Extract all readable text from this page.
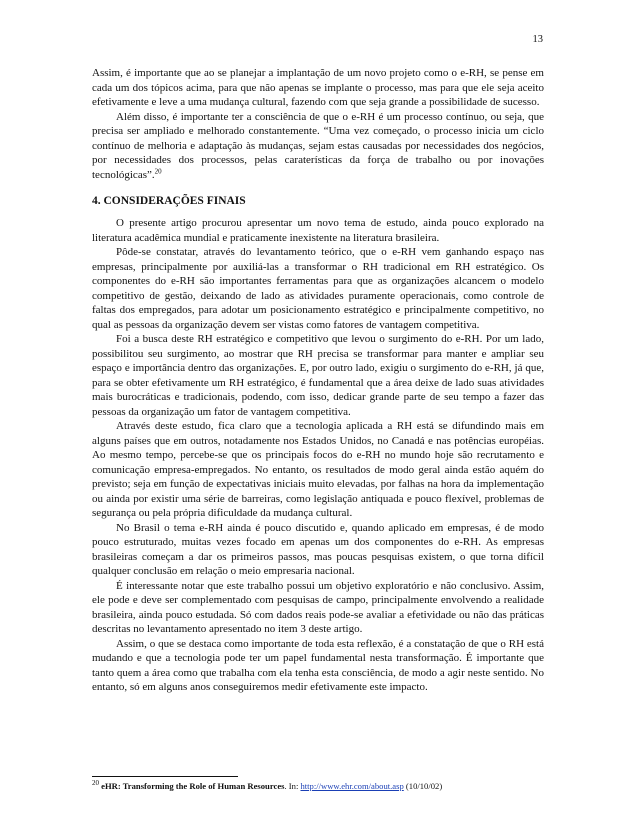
13

Assim, é importante que ao se planejar a implantação de um novo projeto como o e-RH, se pense em cada um dos tópicos acima, para que não apenas se implante o processo, mas para que ele seja aceito efetivamente e leve a uma mudança cultural, fazendo com que seja grande a possibilidade de sucesso.

Além disso, é importante ter a consciência de que o e-RH é um processo contínuo, ou seja, que precisa ser ampliado e melhorado constantemente. “Uma vez começado, o processo inicia um ciclo contínuo de melhoria e adaptação às mudanças, sejam estas causadas por necessidades dos negócios, por necessidades dos processos, pelas caraterísticas da força de trabalho ou por inovações tecnológicas”.$^{20}$

4. CONSIDERAÇÕES FINAIS

O presente artigo procurou apresentar um novo tema de estudo, ainda pouco explorado na literatura acadêmica mundial e praticamente inexistente na literatura brasileira.

Pôde-se constatar, através do levantamento teórico, que o e-RH vem ganhando espaço nas empresas, principalmente por auxiliá-las a transformar o RH tradicional em RH estratégico. Os componentes do e-RH são importantes ferramentas para que as organizações alcancem o modelo competitivo de gestão, deixando de lado as atividades puramente operacionais, como controle de faltas dos empregados, para adotar um posicionamento estratégico e principalmente competitivo, no qual as pessoas da organização devem ser vistas como fatores de vantagem competitiva.

Foi a busca deste RH estratégico e competitivo que levou o surgimento do e-RH. Por um lado, possibilitou seu surgimento, ao mostrar que RH precisa se transformar para manter e ampliar seu espaço e importância dentro das organizações. E, por outro lado, exigiu o surgimento do e-RH, já que, para se obter efetivamente um RH estratégico, é fundamental que a área deixe de lado suas atividades mais burocráticas e tradicionais, podendo, com isso, dedicar grande parte de seu tempo a fazer das pessoas da organização um fator de vantagem competitiva.

Através deste estudo, fica claro que a tecnologia aplicada a RH está se difundindo mais em alguns países que em outros, notadamente nos Estados Unidos, no Canadá e nas potências européias. Ao mesmo tempo, percebe-se que os principais focos do e-RH no mundo hoje são recrutamento e comunicação empresa-empregados. No entanto, os resultados de modo geral ainda estão aquém do previsto; seja em função de expectativas iniciais muito elevadas, por falhas na hora da implementação ou ainda por existir uma série de barreiras, como legislação antiquada e pouco flexível, problemas de segurança ou pela própria dificuldade da mudança cultural.

No Brasil o tema e-RH ainda é pouco discutido e, quando aplicado em empresas, é de modo pouco estruturado, muitas vezes focado em apenas um dos componentes do e-RH. As empresas brasileiras começam a dar os primeiros passos, mas poucas pesquisas existem, o que torna difícil qualquer conclusão em relação o meio empresaria nacional.

É interessante notar que este trabalho possui um objetivo exploratório e não conclusivo. Assim, ele pode e deve ser complementado com pesquisas de campo, principalmente envolvendo a realidade brasileira, ainda pouco estudada. Só com dados reais pode-se avaliar a efetividade ou não das práticas descritas no levantamento apresentado no item 3 deste artigo.

Assim, o que se destaca como importante de toda esta reflexão, é a constatação de que o RH está mudando e que a tecnologia pode ter um papel fundamental nesta transformação. É importante que tanto quem a área como que trabalha com ela tenha esta consciência, de modo a agir neste sentido. No entanto, só em alguns anos conseguiremos medir efetivamente este impacto.

$^{20}$ eHR: Transforming the Role of Human Resources. In: http://www.ehr.com/about.asp (10/10/02)
